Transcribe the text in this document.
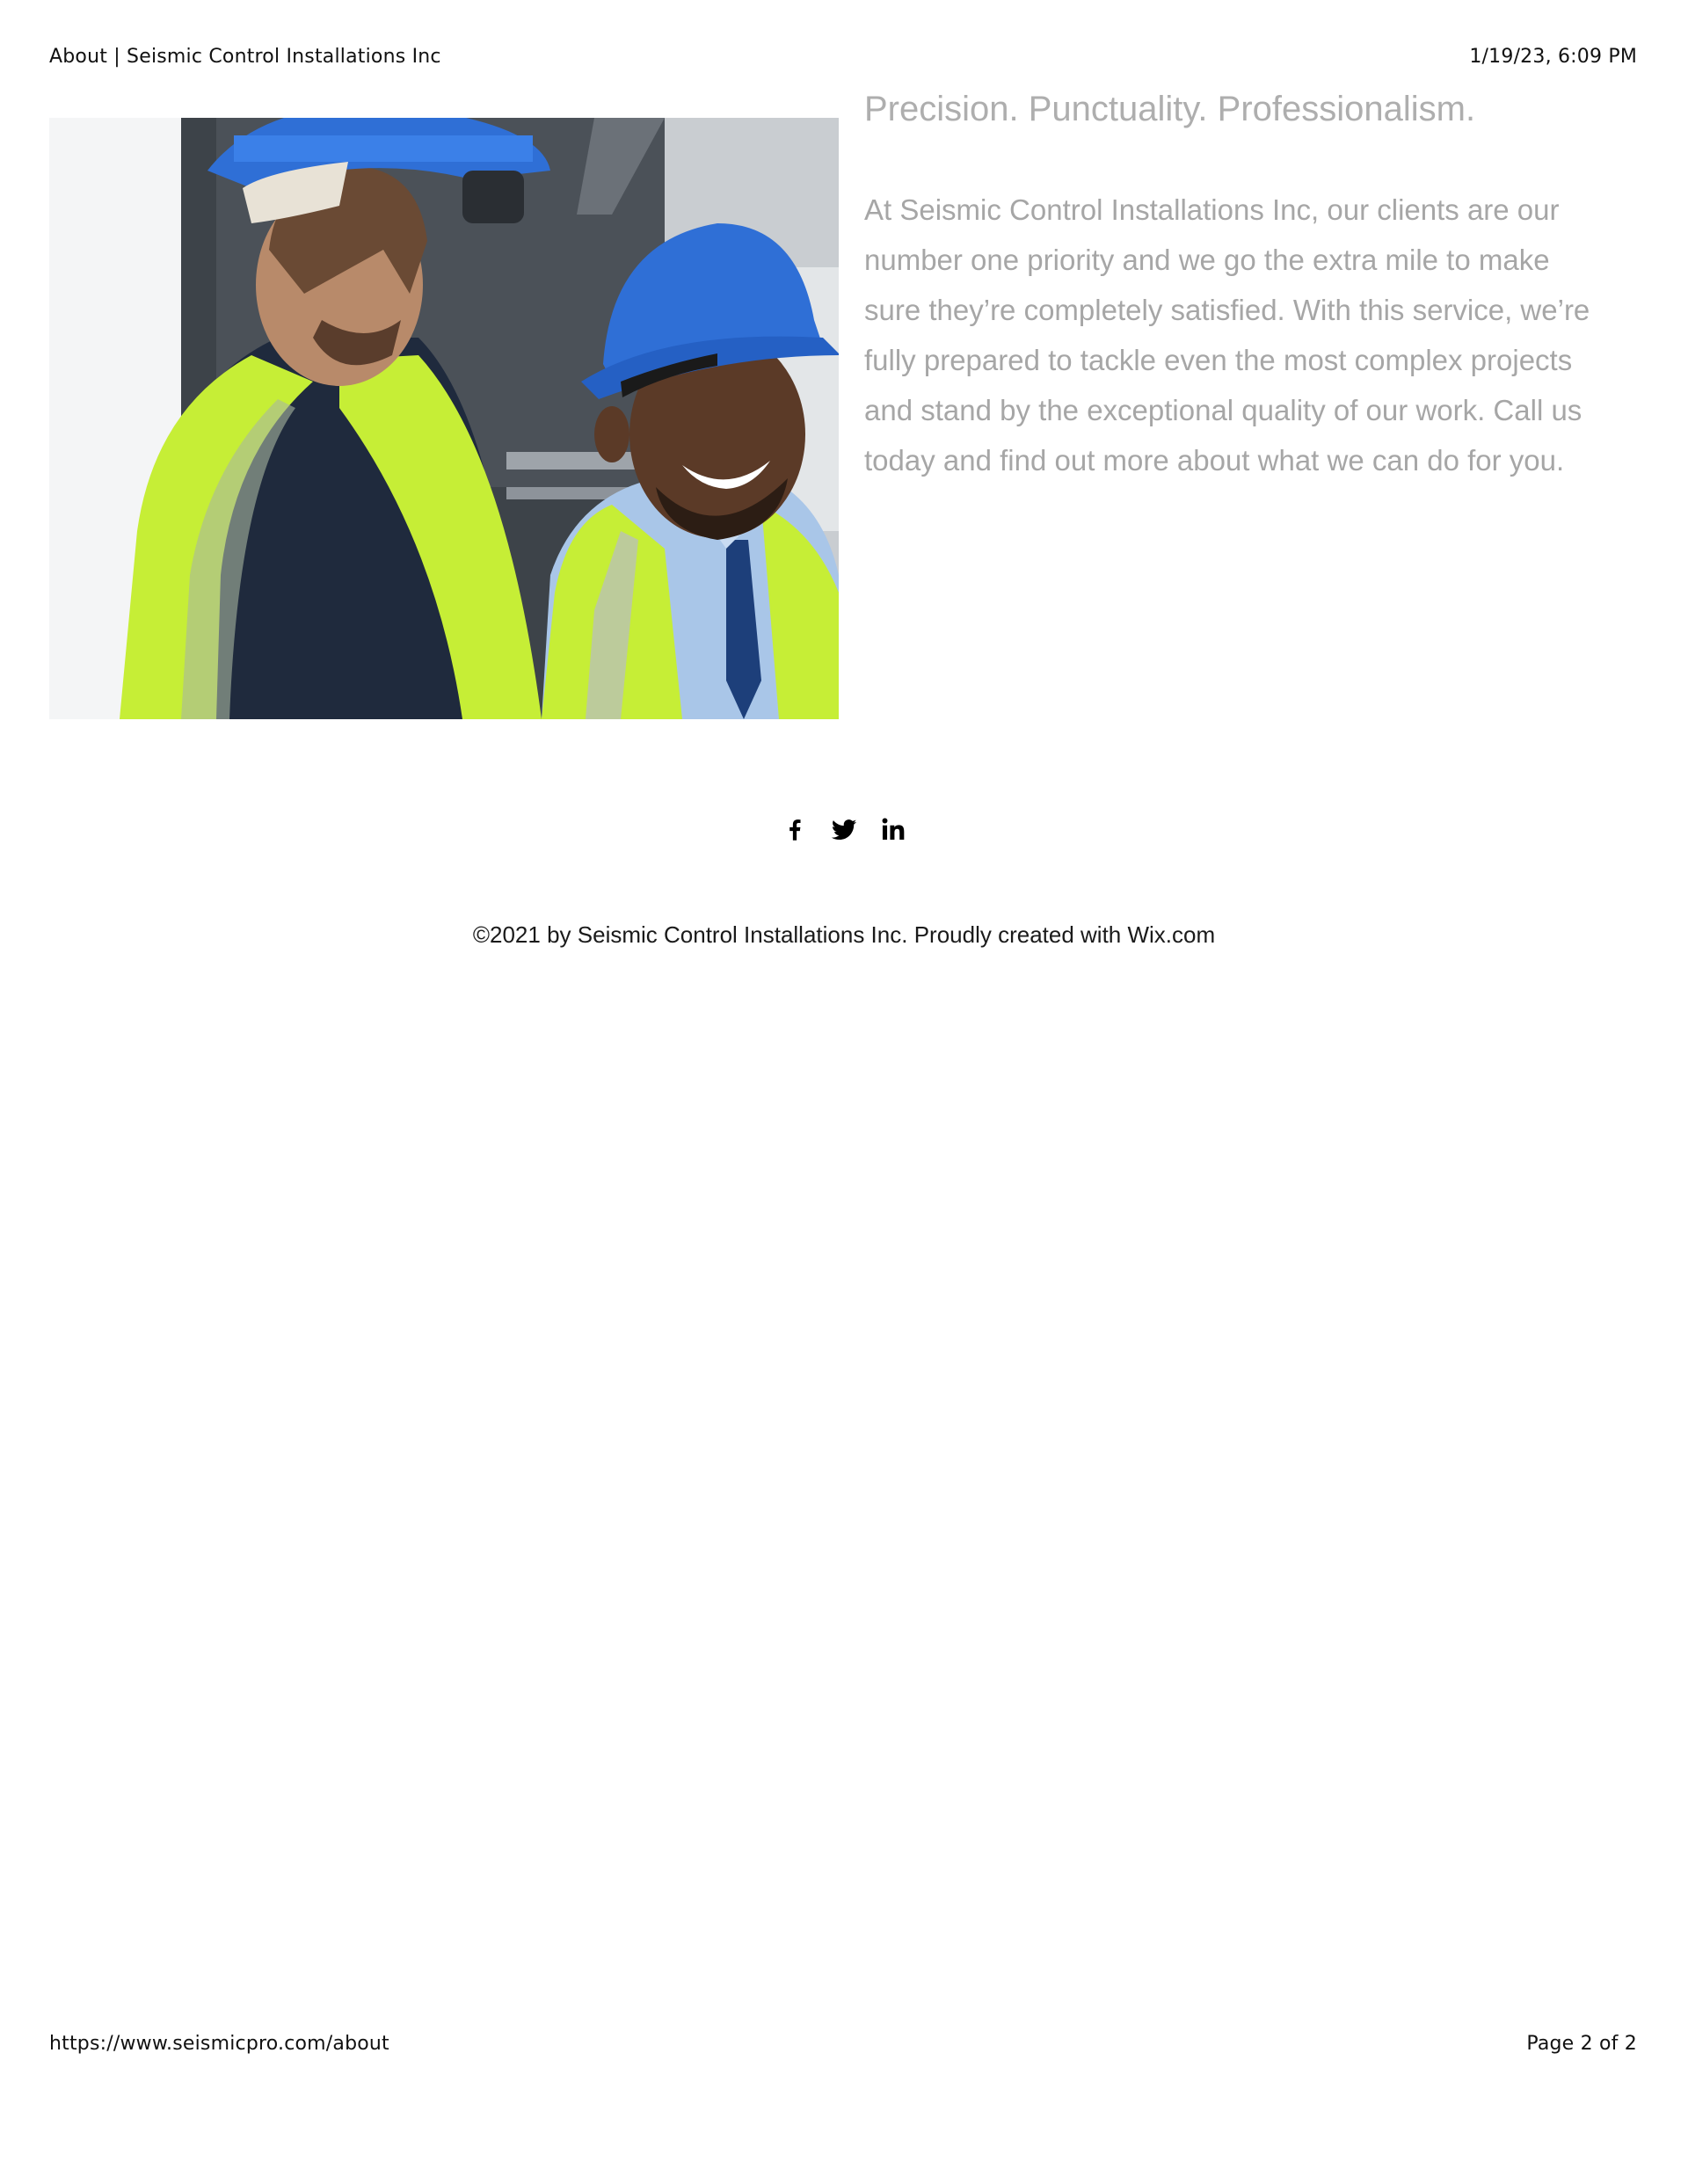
About | Seismic Control Installations Inc	1/19/23, 6:09 PM
Precision. Punctuality. Professionalism.

At Seismic Control Installations Inc, our clients are our number one priority and we go the extra mile to make sure they’re completely satisfied. With this service, we’re fully prepared to tackle even the most complex projects and stand by the exceptional quality of our work. Call us today and find out more about what we can do for you.

©2021 by Seismic Control Installations Inc. Proudly created with Wix.com
https://www.seismicpro.com/about	Page 2 of 2
